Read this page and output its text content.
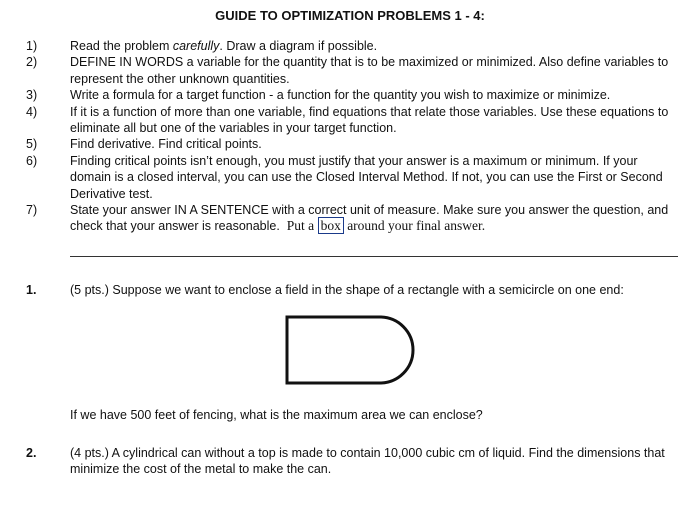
GUIDE TO OPTIMIZATION PROBLEMS 1 - 4:
1)	Read the problem carefully. Draw a diagram if possible.
2)	DEFINE IN WORDS a variable for the quantity that is to be maximized or minimized. Also define variables to represent the other unknown quantities.
3)	Write a formula for a target function - a function for the quantity you wish to maximize or minimize.
4)	If it is a function of more than one variable, find equations that relate those variables. Use these equations to eliminate all but one of the variables in your target function.
5)	Find derivative. Find critical points.
6)	Finding critical points isn’t enough, you must justify that your answer is a maximum or minimum. If your domain is a closed interval, you can use the Closed Interval Method. If not, you can use the First or Second Derivative test.
7)	State your answer IN A SENTENCE with a correct unit of measure. Make sure you answer the question, and check that your answer is reasonable. Put a box around your final answer.
1.	(5 pts.) Suppose we want to enclose a field in the shape of a rectangle with a semicircle on one end:
If we have 500 feet of fencing, what is the maximum area we can enclose?
2.	(4 pts.) A cylindrical can without a top is made to contain 10,000 cubic cm of liquid. Find the dimensions that minimize the cost of the metal to make the can.
